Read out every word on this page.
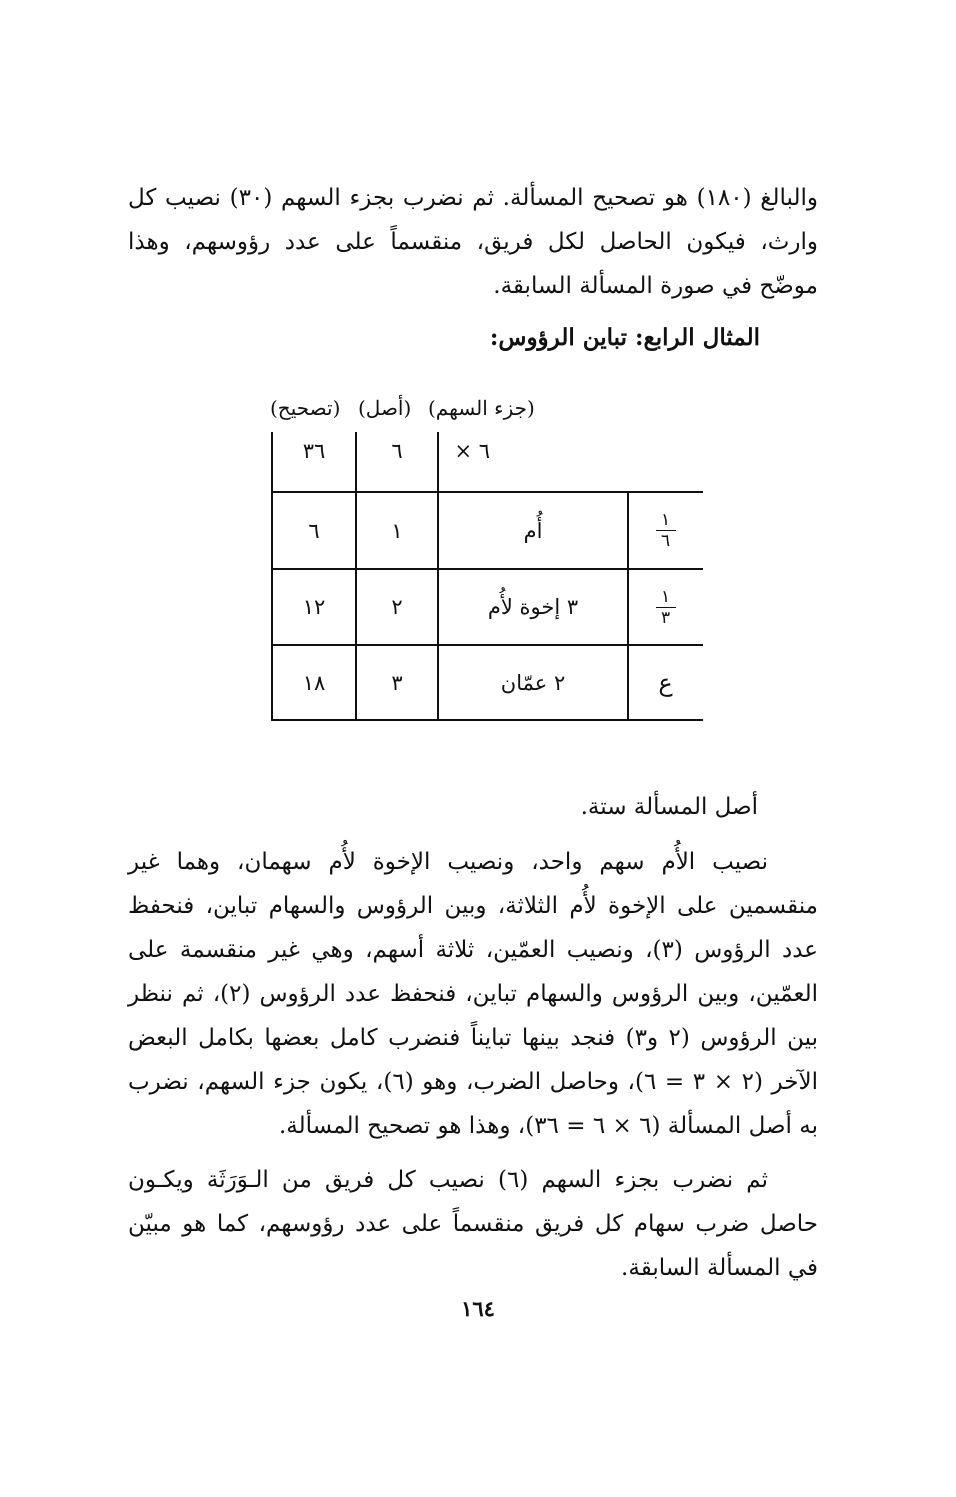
والبالغ (١٨٠) هو تصحيح المسألة. ثم نضرب بجزء السهم (٣٠) نصيب كل وارث، فيكون الحاصل لكل فريق، منقسماً على عدد رؤوسهم، وهذا موضّح في صورة المسألة السابقة.

المثال الرابع: تباين الرؤوس:
(تصحيح) (أصل) (جزء السهم)
٣٦	٦	٦ ×
٦	١	أُم	$\frac{١}{٦}$
١٢	٢	٣ إخوة لأُم	$\frac{١}{٣}$
١٨	٣	٢ عمّان	ع
أصل المسألة ستة.

نصيب الأُم سهم واحد، ونصيب الإخوة لأُم سهمان، وهما غير منقسمين على الإخوة لأُم الثلاثة، وبين الرؤوس والسهام تباين، فنحفظ عدد الرؤوس (٣)، ونصيب العمّين، ثلاثة أسهم، وهي غير منقسمة على العمّين، وبين الرؤوس والسهام تباين، فنحفظ عدد الرؤوس (٢)، ثم ننظر بين الرؤوس (٢ و٣) فنجد بينها تبايناً فنضرب كامل بعضها بكامل البعض الآخر (٢ × ٣ = ٦)، وحاصل الضرب، وهو (٦)، يكون جزء السهم، نضرب به أصل المسألة (٦ × ٦ = ٣٦)، وهذا هو تصحيح المسألة.

ثم نضرب بجزء السهم (٦) نصيب كل فريق من الـوَرَثَة ويكـون حاصل ضرب سهام كل فريق منقسماً على عدد رؤوسهم، كما هو مبيّن في المسألة السابقة.

١٦٤
